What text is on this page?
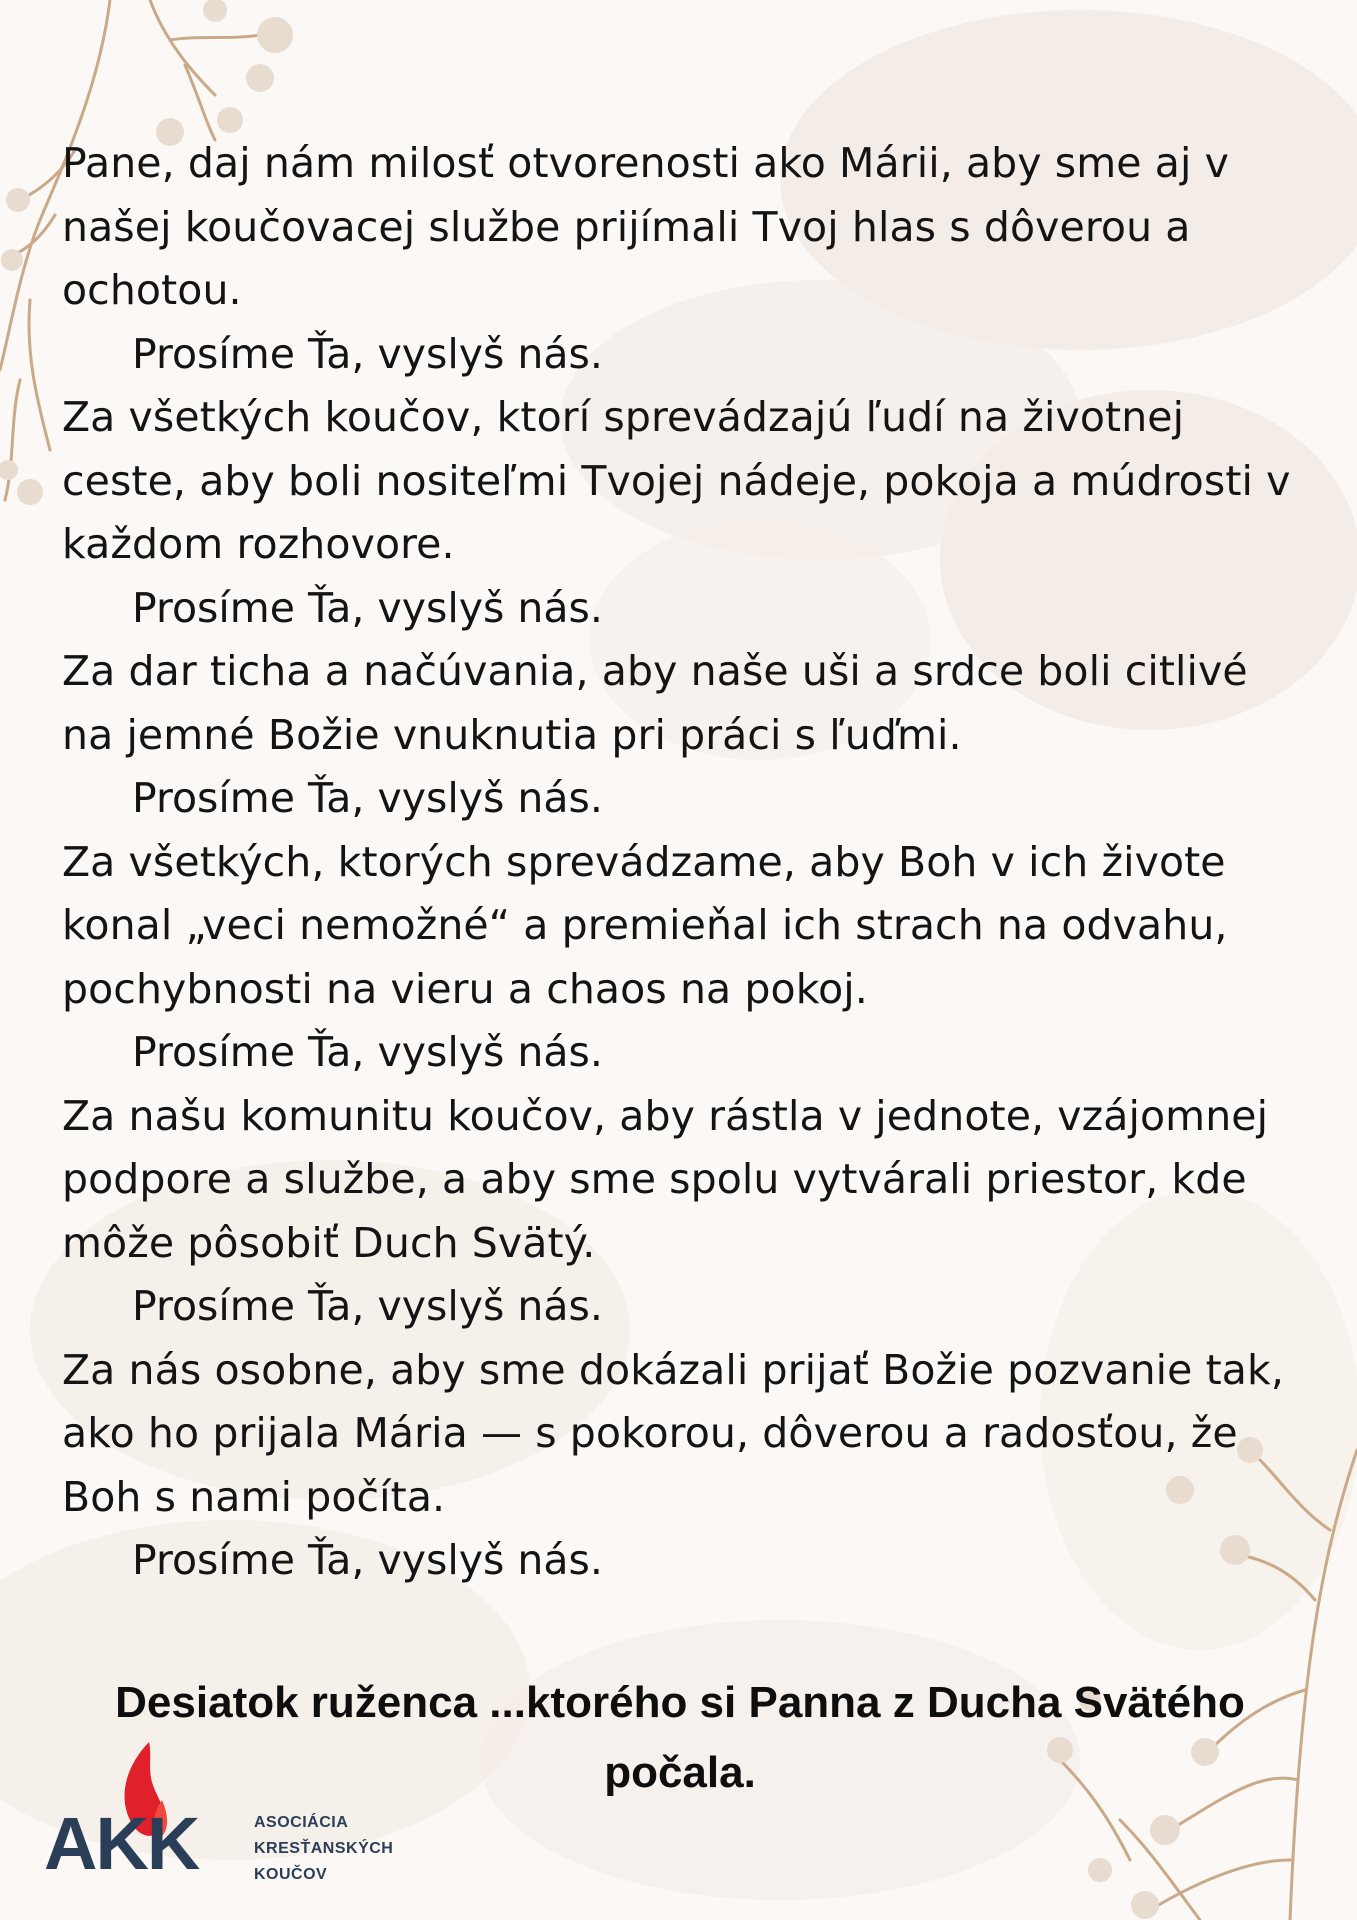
Pane, daj nám milosť otvorenosti ako Márii, aby sme aj v
našej koučovacej službe prijímali Tvoj hlas s dôverou a
ochotou.

Prosíme Ťa, vyslyš nás.

Za všetkých koučov, ktorí sprevádzajú ľudí na životnej
ceste, aby boli nositeľmi Tvojej nádeje, pokoja a múdrosti v
každom rozhovore.

Prosíme Ťa, vyslyš nás.

Za dar ticha a načúvania, aby naše uši a srdce boli citlivé
na jemné Božie vnuknutia pri práci s ľuďmi.

Prosíme Ťa, vyslyš nás.

Za všetkých, ktorých sprevádzame, aby Boh v ich živote
konal „veci nemožné“ a premieňal ich strach na odvahu,
pochybnosti na vieru a chaos na pokoj.

Prosíme Ťa, vyslyš nás.

Za našu komunitu koučov, aby rástla v jednote, vzájomnej
podpore a službe, a aby sme spolu vytvárali priestor, kde
môže pôsobiť Duch Svätý.

Prosíme Ťa, vyslyš nás.

Za nás osobne, aby sme dokázali prijať Božie pozvanie tak,
ako ho prijala Mária — s pokorou, dôverou a radosťou, že
Boh s nami počíta.

Prosíme Ťa, vyslyš nás.

Desiatok ruženca ...ktorého si Panna z Ducha Svätého
počala.
AKK	ASOCIÁCIA
KRESŤANSKÝCH
KOUČOV
